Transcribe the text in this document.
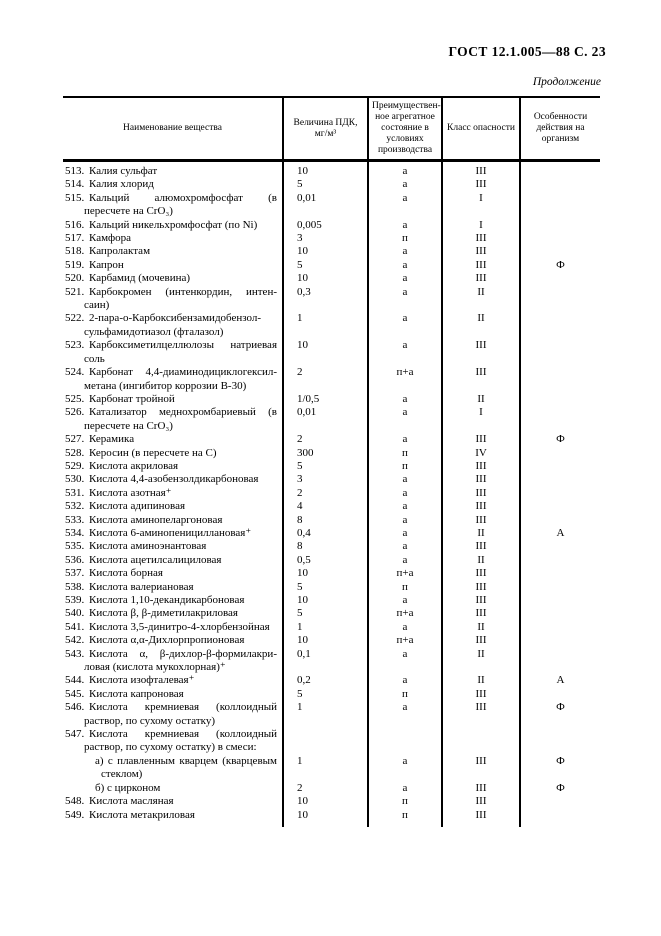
ГОСТ 12.1.005—88 С. 23
Продолжение
Наименование вещества	Величина ПДК, мг/м³	Преимуществен-ное агрегатное состояние в условиях производства	Класс опасности	Особенности действия на организм
513. Калия сульфат	10	а	III	
514. Калия хлорид	5	а	III	
515. Кальций алюмохромфосфат (в пересчете на CrO₃)	0,01	а	I	
516. Кальций никельхромфосфат (по Ni)	0,005	а	I	
517. Камфора	3	п	III	
518. Капролактам	10	а	III	
519. Капрон	5	а	III	Ф
520. Карбамид (мочевина)	10	а	III	
521. Карбокромен (интенкордин, интен-саин)	0,3	а	II	
522. 2-пара-о-Карбоксибензамидобензол-сульфамидотиазол (фталазол)	1	а	II	
523. Карбоксиметилцеллюлозы натриевая соль	10	а	III	
524. Карбонат 4,4-диаминодициклогексил-метана (ингибитор коррозии В-30)	2	п+а	III	
525. Карбонат тройной	1/0,5	а	II	
526. Катализатор меднохромбариевый (в пересчете на CrO₃)	0,01	а	I	
527. Керамика	2	а	III	Ф
528. Керосин (в пересчете на С)	300	п	IV	
529. Кислота акриловая	5	п	III	
530. Кислота 4,4-азобензолдикарбоновая	3	а	III	
531. Кислота азотная⁺	2	а	III	
532. Кислота адипиновая	4	а	III	
533. Кислота аминопеларгоновая	8	а	III	
534. Кислота 6-аминопенициллановая⁺	0,4	а	II	А
535. Кислота аминоэнантовая	8	а	III	
536. Кислота ацетилсалициловая	0,5	а	II	
537. Кислота борная	10	п+а	III	
538. Кислота валериановая	5	п	III	
539. Кислота 1,10-декандикарбоновая	10	а	III	
540. Кислота β, β-диметилакриловая	5	п+а	III	
541. Кислота 3,5-динитро-4-хлорбензойная	1	а	II	
542. Кислота α,α-Дихлорпропионовая	10	п+а	III	
543. Кислота α, β-дихлор-β-формилакри-ловая (кислота мукохлорная)⁺	0,1	а	II	
544. Кислота изофталевая⁺	0,2	а	II	А
545. Кислота капроновая	5	п	III	
546. Кислота кремниевая (коллоидный раствор, по сухому остатку)	1	а	III	Ф
547. Кислота кремниевая (коллоидный раствор, по сухому остатку) в смеси:				
а) с плавленным кварцем (кварцевым стеклом)	1	а	III	Ф
б) с цирконом	2	а	III	Ф
548. Кислота масляная	10	п	III	
549. Кислота метакриловая	10	п	III	
